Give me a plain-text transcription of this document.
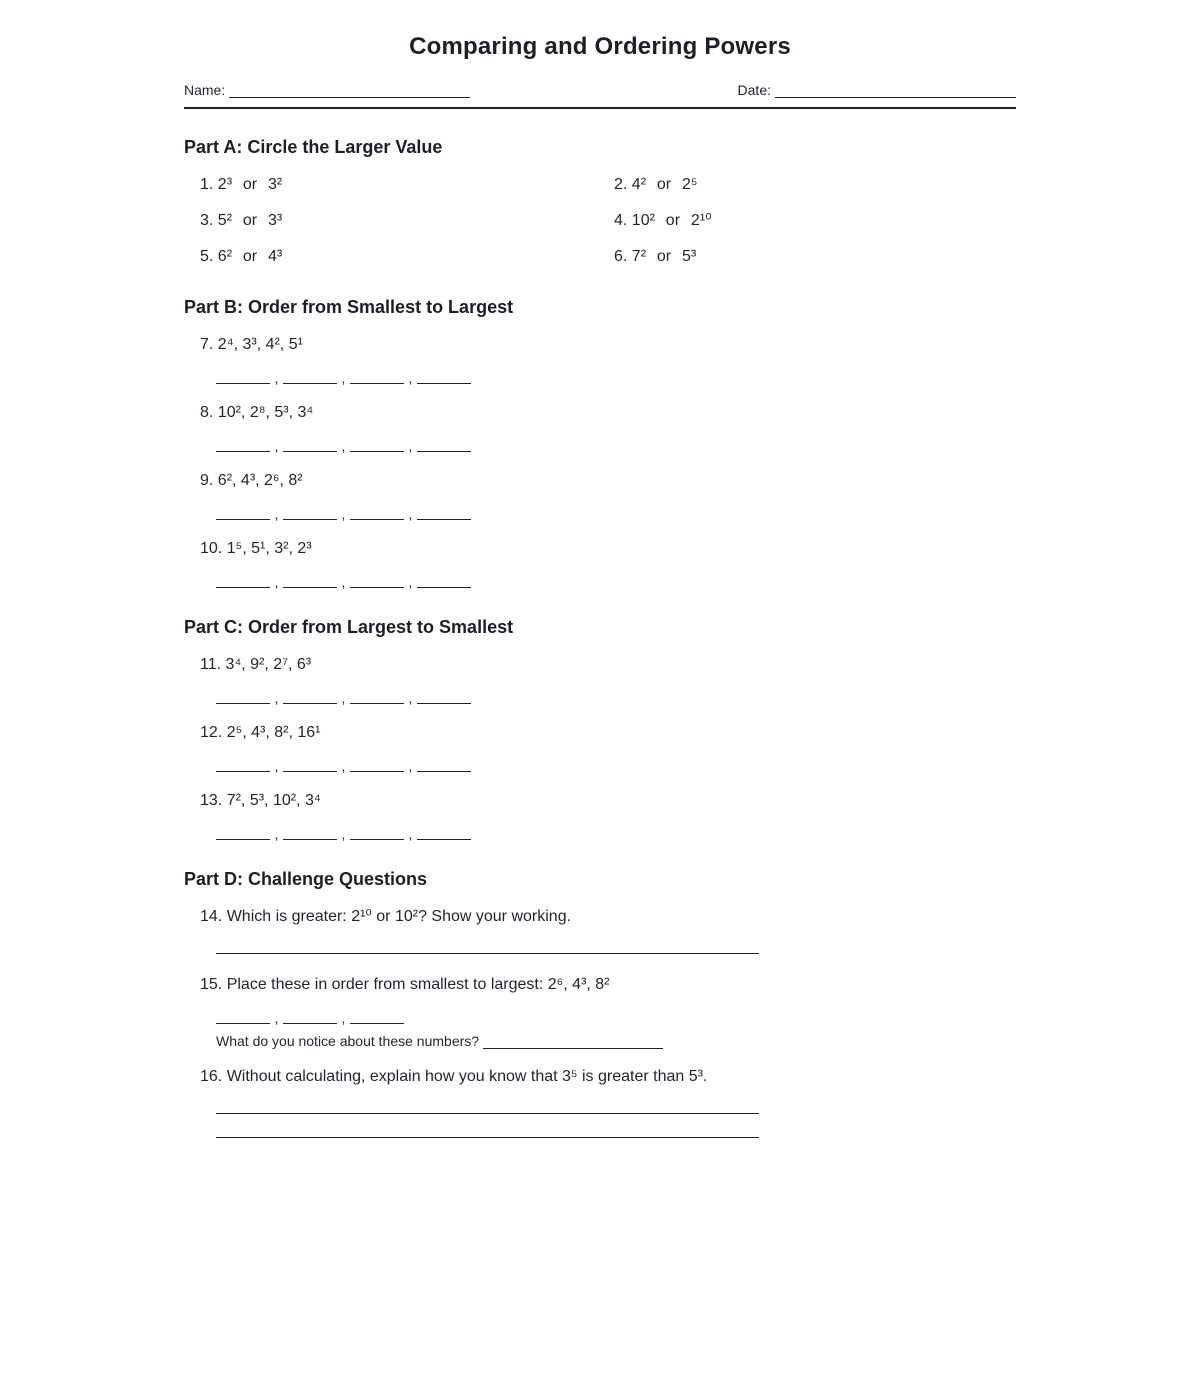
Comparing and Ordering Powers
Name:	Date:
Part A: Circle the Larger Value
1. 2³ or 3²	2. 4² or 2⁵
3. 5² or 3³	4. 10² or 2¹⁰
5. 6² or 4³	6. 7² or 5³
Part B: Order from Smallest to Largest
7. 2⁴, 3³, 4², 5¹
,	,	,
8. 10², 2⁸, 5³, 3⁴
,	,	,
9. 6², 4³, 2⁶, 8²
,	,	,
10. 1⁵, 5¹, 3², 2³
,	,	,
Part C: Order from Largest to Smallest
11. 3⁴, 9², 2⁷, 6³
,	,	,
12. 2⁵, 4³, 8², 16¹
,	,	,
13. 7², 5³, 10², 3⁴
,	,	,
Part D: Challenge Questions
14. Which is greater: 2¹⁰ or 10²? Show your working.
15. Place these in order from smallest to largest: 2⁶, 4³, 8²
,	,
What do you notice about these numbers?
16. Without calculating, explain how you know that 3⁵ is greater than 5³.
